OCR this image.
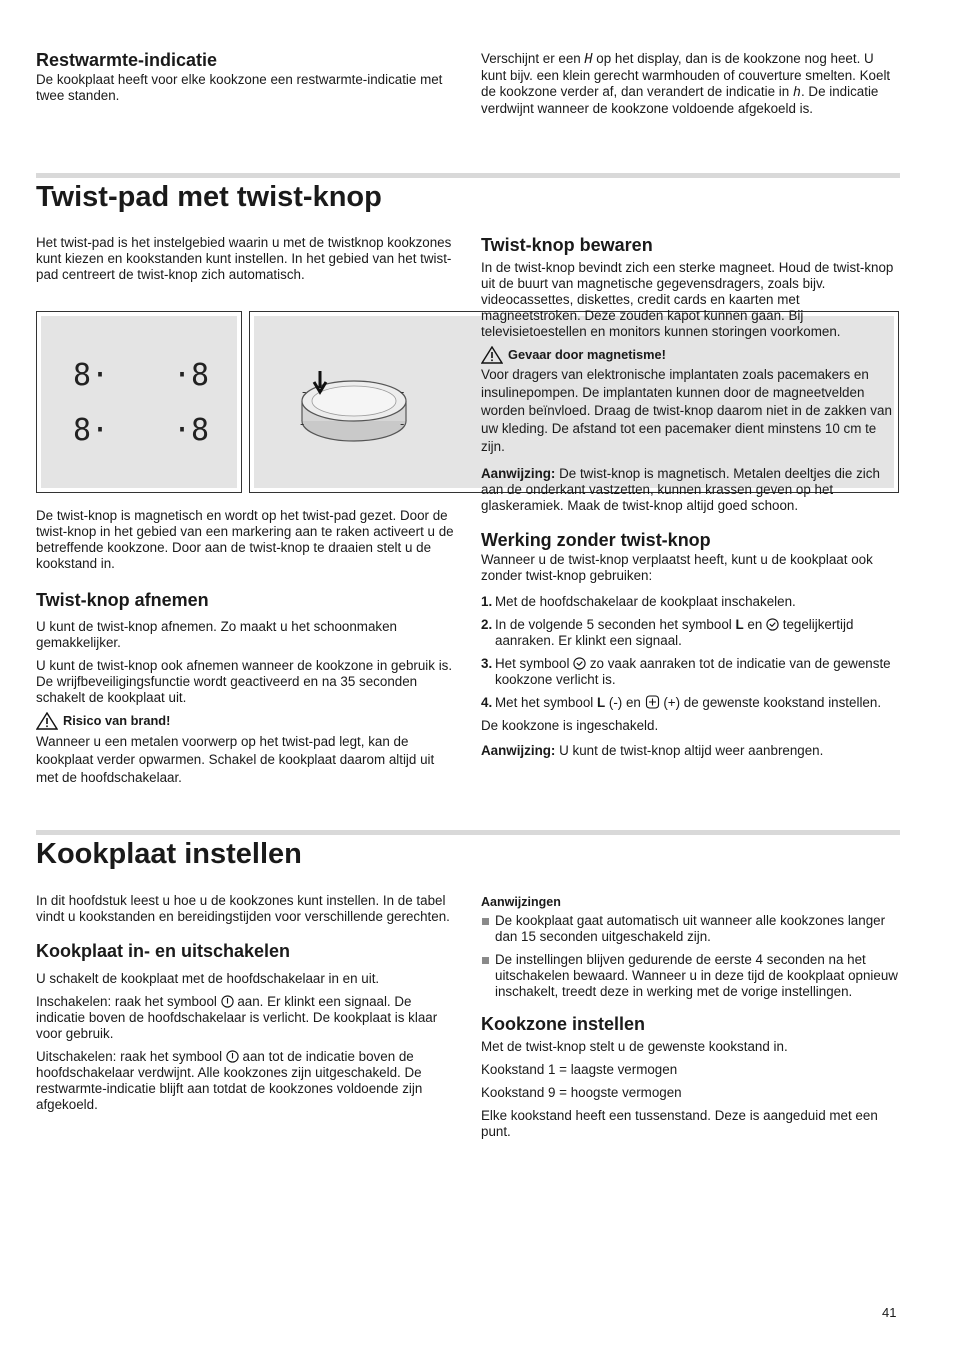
Restwarmte-indicatie

De kookplaat heeft voor elke kookzone een restwarmte-indicatie met twee standen.

Verschijnt er een H op het display, dan is de kookzone nog heet. U kunt bijv. een klein gerecht warmhouden of couverture smelten. Koelt de kookzone verder af, dan verandert de indicatie in h. De indicatie verdwijnt wanneer de kookzone voldoende afgekoeld is.

Twist-pad met twist-knop

Het twist-pad is het instelgebied waarin u met de twistknop kookzones kunt kiezen en kookstanden kunt instellen. In het gebied van het twist-pad centreert de twist-knop zich automatisch.

8· ·8
8· ·8
-	-
-	-

De twist-knop is magnetisch en wordt op het twist-pad gezet. Door de twist-knop in het gebied van een markering aan te raken activeert u de betreffende kookzone. Door aan de twist-knop te draaien stelt u de kookstand in.

Twist-knop afnemen

U kunt de twist-knop afnemen. Zo maakt u het schoonmaken gemakkelijker.

U kunt de twist-knop ook afnemen wanneer de kookzone in gebruik is. De wrijfbeveiligingsfunctie wordt geactiveerd en na 35 seconden schakelt de kookplaat uit.

Risico van brand!

Wanneer u een metalen voorwerp op het twist-pad legt, kan de kookplaat verder opwarmen. Schakel de kookplaat daarom altijd uit met de hoofdschakelaar.

Twist-knop bewaren

In de twist-knop bevindt zich een sterke magneet. Houd de twist-knop uit de buurt van magnetische gegevensdragers, zoals bijv. videocassettes, diskettes, credit cards en kaarten met magneetstroken. Deze zouden kapot kunnen gaan. Bij televisietoestellen en monitors kunnen storingen voorkomen.

Gevaar door magnetisme!

Voor dragers van elektronische implantaten zoals pacemakers en insulinepompen. De implantaten kunnen door de magneetvelden worden beïnvloed. Draag de twist-knop daarom niet in de zakken van uw kleding. De afstand tot een pacemaker dient minstens 10 cm te zijn.

Aanwijzing: De twist-knop is magnetisch. Metalen deeltjes die zich aan de onderkant vastzetten, kunnen krassen geven op het glaskeramiek. Maak de twist-knop altijd goed schoon.

Werking zonder twist-knop

Wanneer u de twist-knop verplaatst heeft, kunt u de kookplaat ook zonder twist-knop gebruiken:

1. Met de hoofdschakelaar de kookplaat inschakelen.
2. In de volgende 5 seconden het symbool L en  tegelijkertijd aanraken. Er klinkt een signaal.
3. Het symbool  zo vaak aanraken tot de indicatie van de gewenste kookzone verlicht is.
4. Met het symbool L (-) en  (+) de gewenste kookstand instellen.

De kookzone is ingeschakeld.

Aanwijzing: U kunt de twist-knop altijd weer aanbrengen.

Kookplaat instellen

In dit hoofdstuk leest u hoe u de kookzones kunt instellen. In de tabel vindt u kookstanden en bereidingstijden voor verschillende gerechten.

Kookplaat in- en uitschakelen

U schakelt de kookplaat met de hoofdschakelaar in en uit.

Inschakelen: raak het symbool  aan. Er klinkt een signaal. De indicatie boven de hoofdschakelaar is verlicht. De kookplaat is klaar voor gebruik.

Uitschakelen: raak het symbool  aan tot de indicatie boven de hoofdschakelaar verdwijnt. Alle kookzones zijn uitgeschakeld. De restwarmte-indicatie blijft aan totdat de kookzones voldoende zijn afgekoeld.

Aanwijzingen

De kookplaat gaat automatisch uit wanneer alle kookzones langer dan 15 seconden uitgeschakeld zijn.
De instellingen blijven gedurende de eerste 4 seconden na het uitschakelen bewaard. Wanneer u in deze tijd de kookplaat opnieuw inschakelt, treedt deze in werking met de vorige instellingen.

Kookzone instellen

Met de twist-knop stelt u de gewenste kookstand in.

Kookstand 1 = laagste vermogen

Kookstand 9 = hoogste vermogen

Elke kookstand heeft een tussenstand. Deze is aangeduid met een punt.

41
